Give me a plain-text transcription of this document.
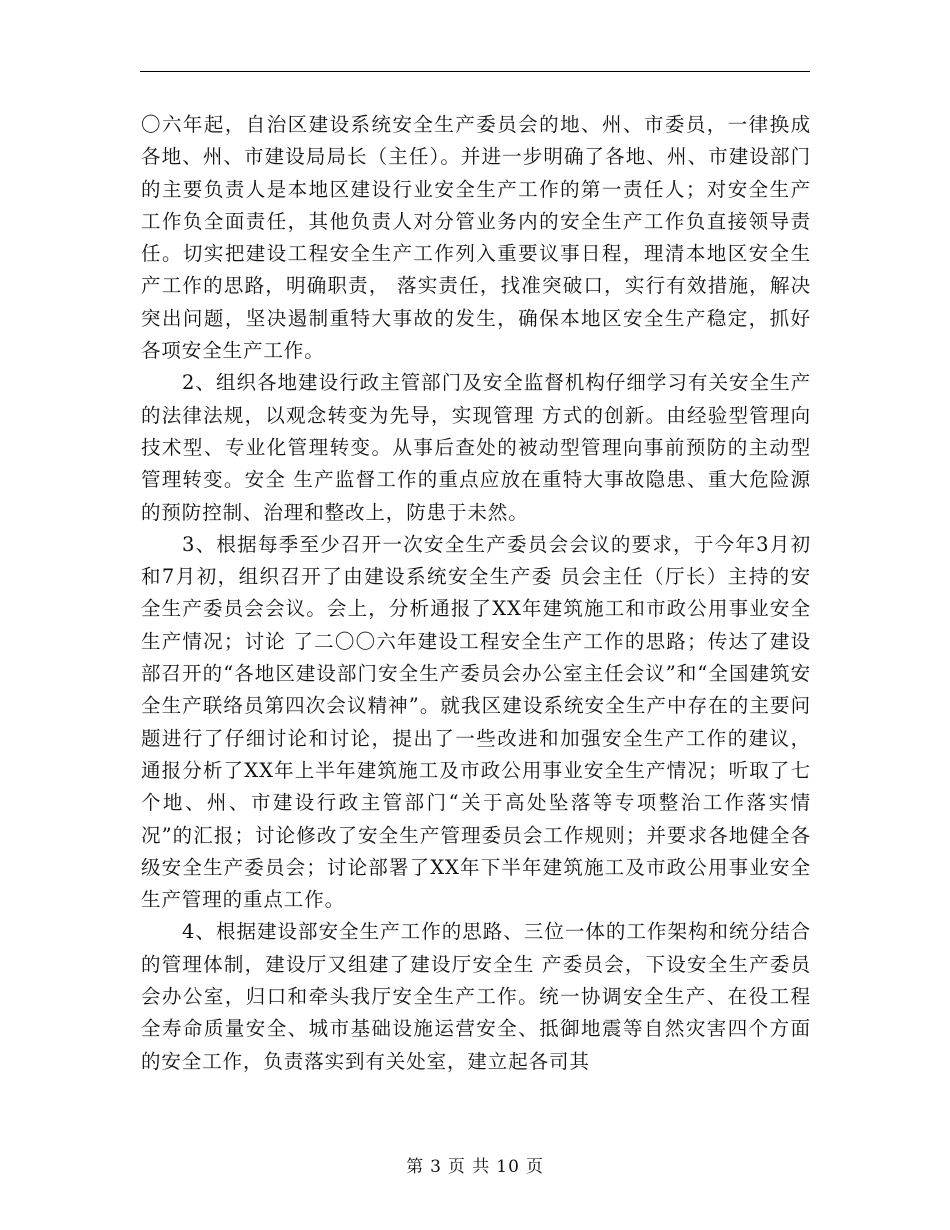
〇六年起，自治区建设系统安全生产委员会的地、州、市委员，一律换成各地、州、市建设局局长（主任）。并进一步明确了各地、州、市建设部门的主要负责人是本地区建设行业安全生产工作的第一责任人；对安全生产工作负全面责任，其他负责人对分管业务内的安全生产工作负直接领导责任。切实把建设工程安全生产工作列入重要议事日程，理清本地区安全生产工作的思路，明确职责， 落实责任，找准突破口，实行有效措施，解决突出问题，坚决遏制重特大事故的发生，确保本地区安全生产稳定，抓好各项安全生产工作。

2、组织各地建设行政主管部门及安全监督机构仔细学习有关安全生产的法律法规，以观念转变为先导，实现管理 方式的创新。由经验型管理向技术型、专业化管理转变。从事后查处的被动型管理向事前预防的主动型管理转变。安全 生产监督工作的重点应放在重特大事故隐患、重大危险源的预防控制、治理和整改上，防患于未然。

3、根据每季至少召开一次安全生产委员会会议的要求，于今年3月初和7月初，组织召开了由建设系统安全生产委 员会主任（厅长）主持的安全生产委员会会议。会上，分析通报了XX年建筑施工和市政公用事业安全生产情况；讨论 了二〇〇六年建设工程安全生产工作的思路；传达了建设部召开的“各地区建设部门安全生产委员会办公室主任会议”和“全国建筑安全生产联络员第四次会议精神”。就我区建设系统安全生产中存在的主要问题进行了仔细讨论和讨论，提出了一些改进和加强安全生产工作的建议，通报分析了XX年上半年建筑施工及市政公用事业安全生产情况；听取了七个地、州、市建设行政主管部门“关于高处坠落等专项整治工作落实情况”的汇报；讨论修改了安全生产管理委员会工作规则；并要求各地健全各级安全生产委员会；讨论部署了XX年下半年建筑施工及市政公用事业安全生产管理的重点工作。

4、根据建设部安全生产工作的思路、三位一体的工作架构和统分结合的管理体制，建设厅又组建了建设厅安全生 产委员会，下设安全生产委员会办公室，归口和牵头我厅安全生产工作。统一协调安全生产、在役工程全寿命质量安全、城市基础设施运营安全、抵御地震等自然灾害四个方面的安全工作，负责落实到有关处室，建立起各司其

第 3 页 共 10 页
